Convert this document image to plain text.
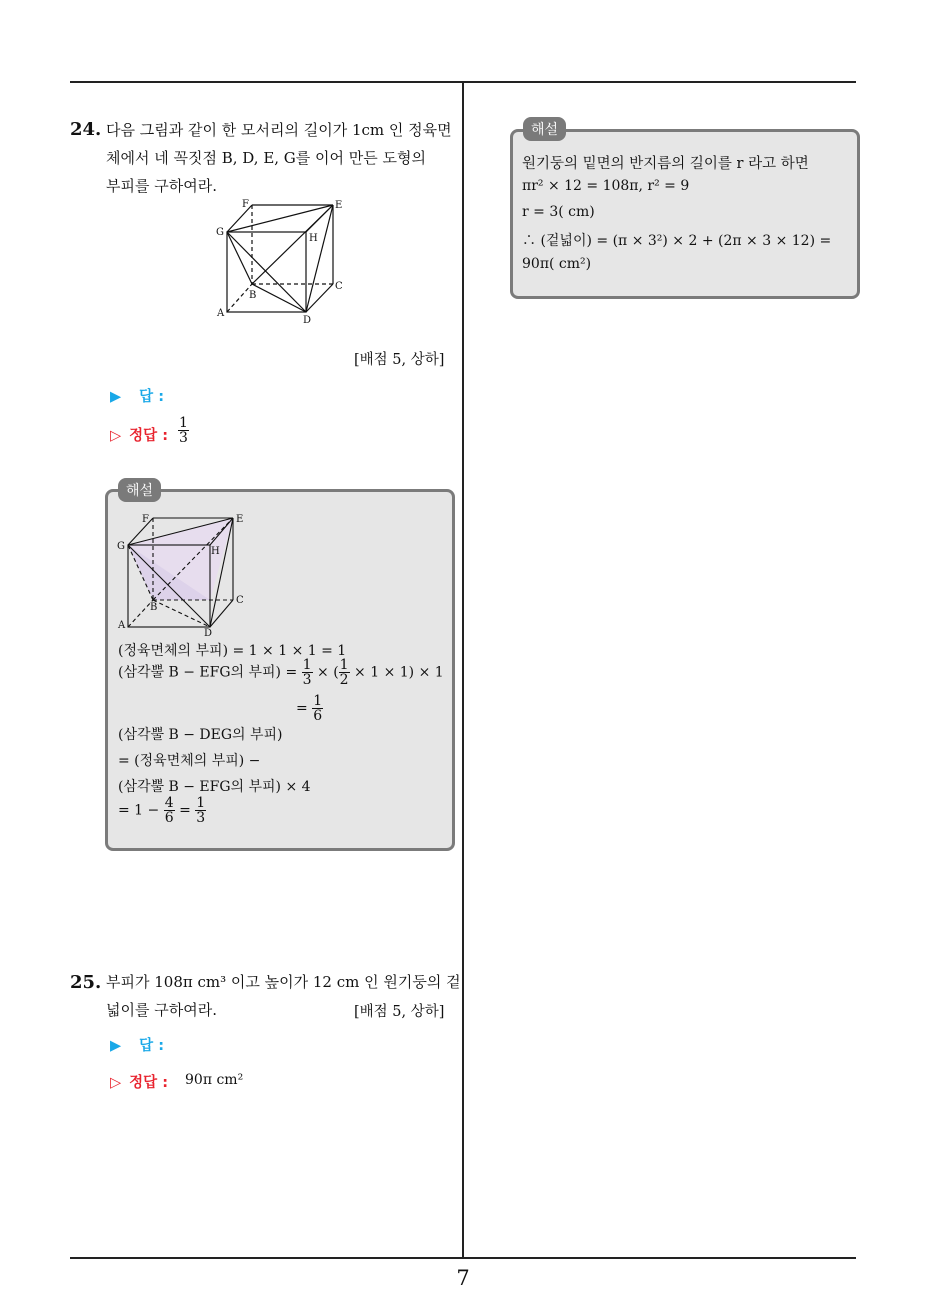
7
24. 다음 그림과 같이 한 모서리의 길이가 1cm 인 정육면
체에서 네 꼭짓점 B, D, E, G를 이어 만든 도형의
부피를 구하여라.
F	E
G
H
B
C
A
D
[배점 5, 상하]
▶ 답 :
▷ 정답 : $\frac{1}{3}$
해설
F	E
G	H
B
C
A
D
(정육면체의 부피) = 1 × 1 × 1 = 1
(삼각뿔 B − EFG의 부피) = $\frac{1}{3}$ × ( $\frac{1}{2} \times 1 \times 1) \times 1$
= $\frac{1}{6}$
(삼각뿔 B − DEG의 부피)
= (정육면체의 부피) −
(삼각뿔 B − EFG의 부피) × 4
= $1 - \frac{4}{6} = \frac{1}{3}$
25. 부피가 108π cm³ 이고 높이가 12 cm 인 원기둥의 겉
넓이를 구하여라.	[배점 5, 상하]
▶ 답 :
▷ 정답 : 90π cm²
해설
원기둥의 밑면의 반지름의 길이를 r 라고 하면
πr² × 12 = 108π, r² = 9
r = 3( cm)
∴ (겉넓이) = (π × 3²) × 2 + (2π × 3 × 12) =
90π( cm²)
